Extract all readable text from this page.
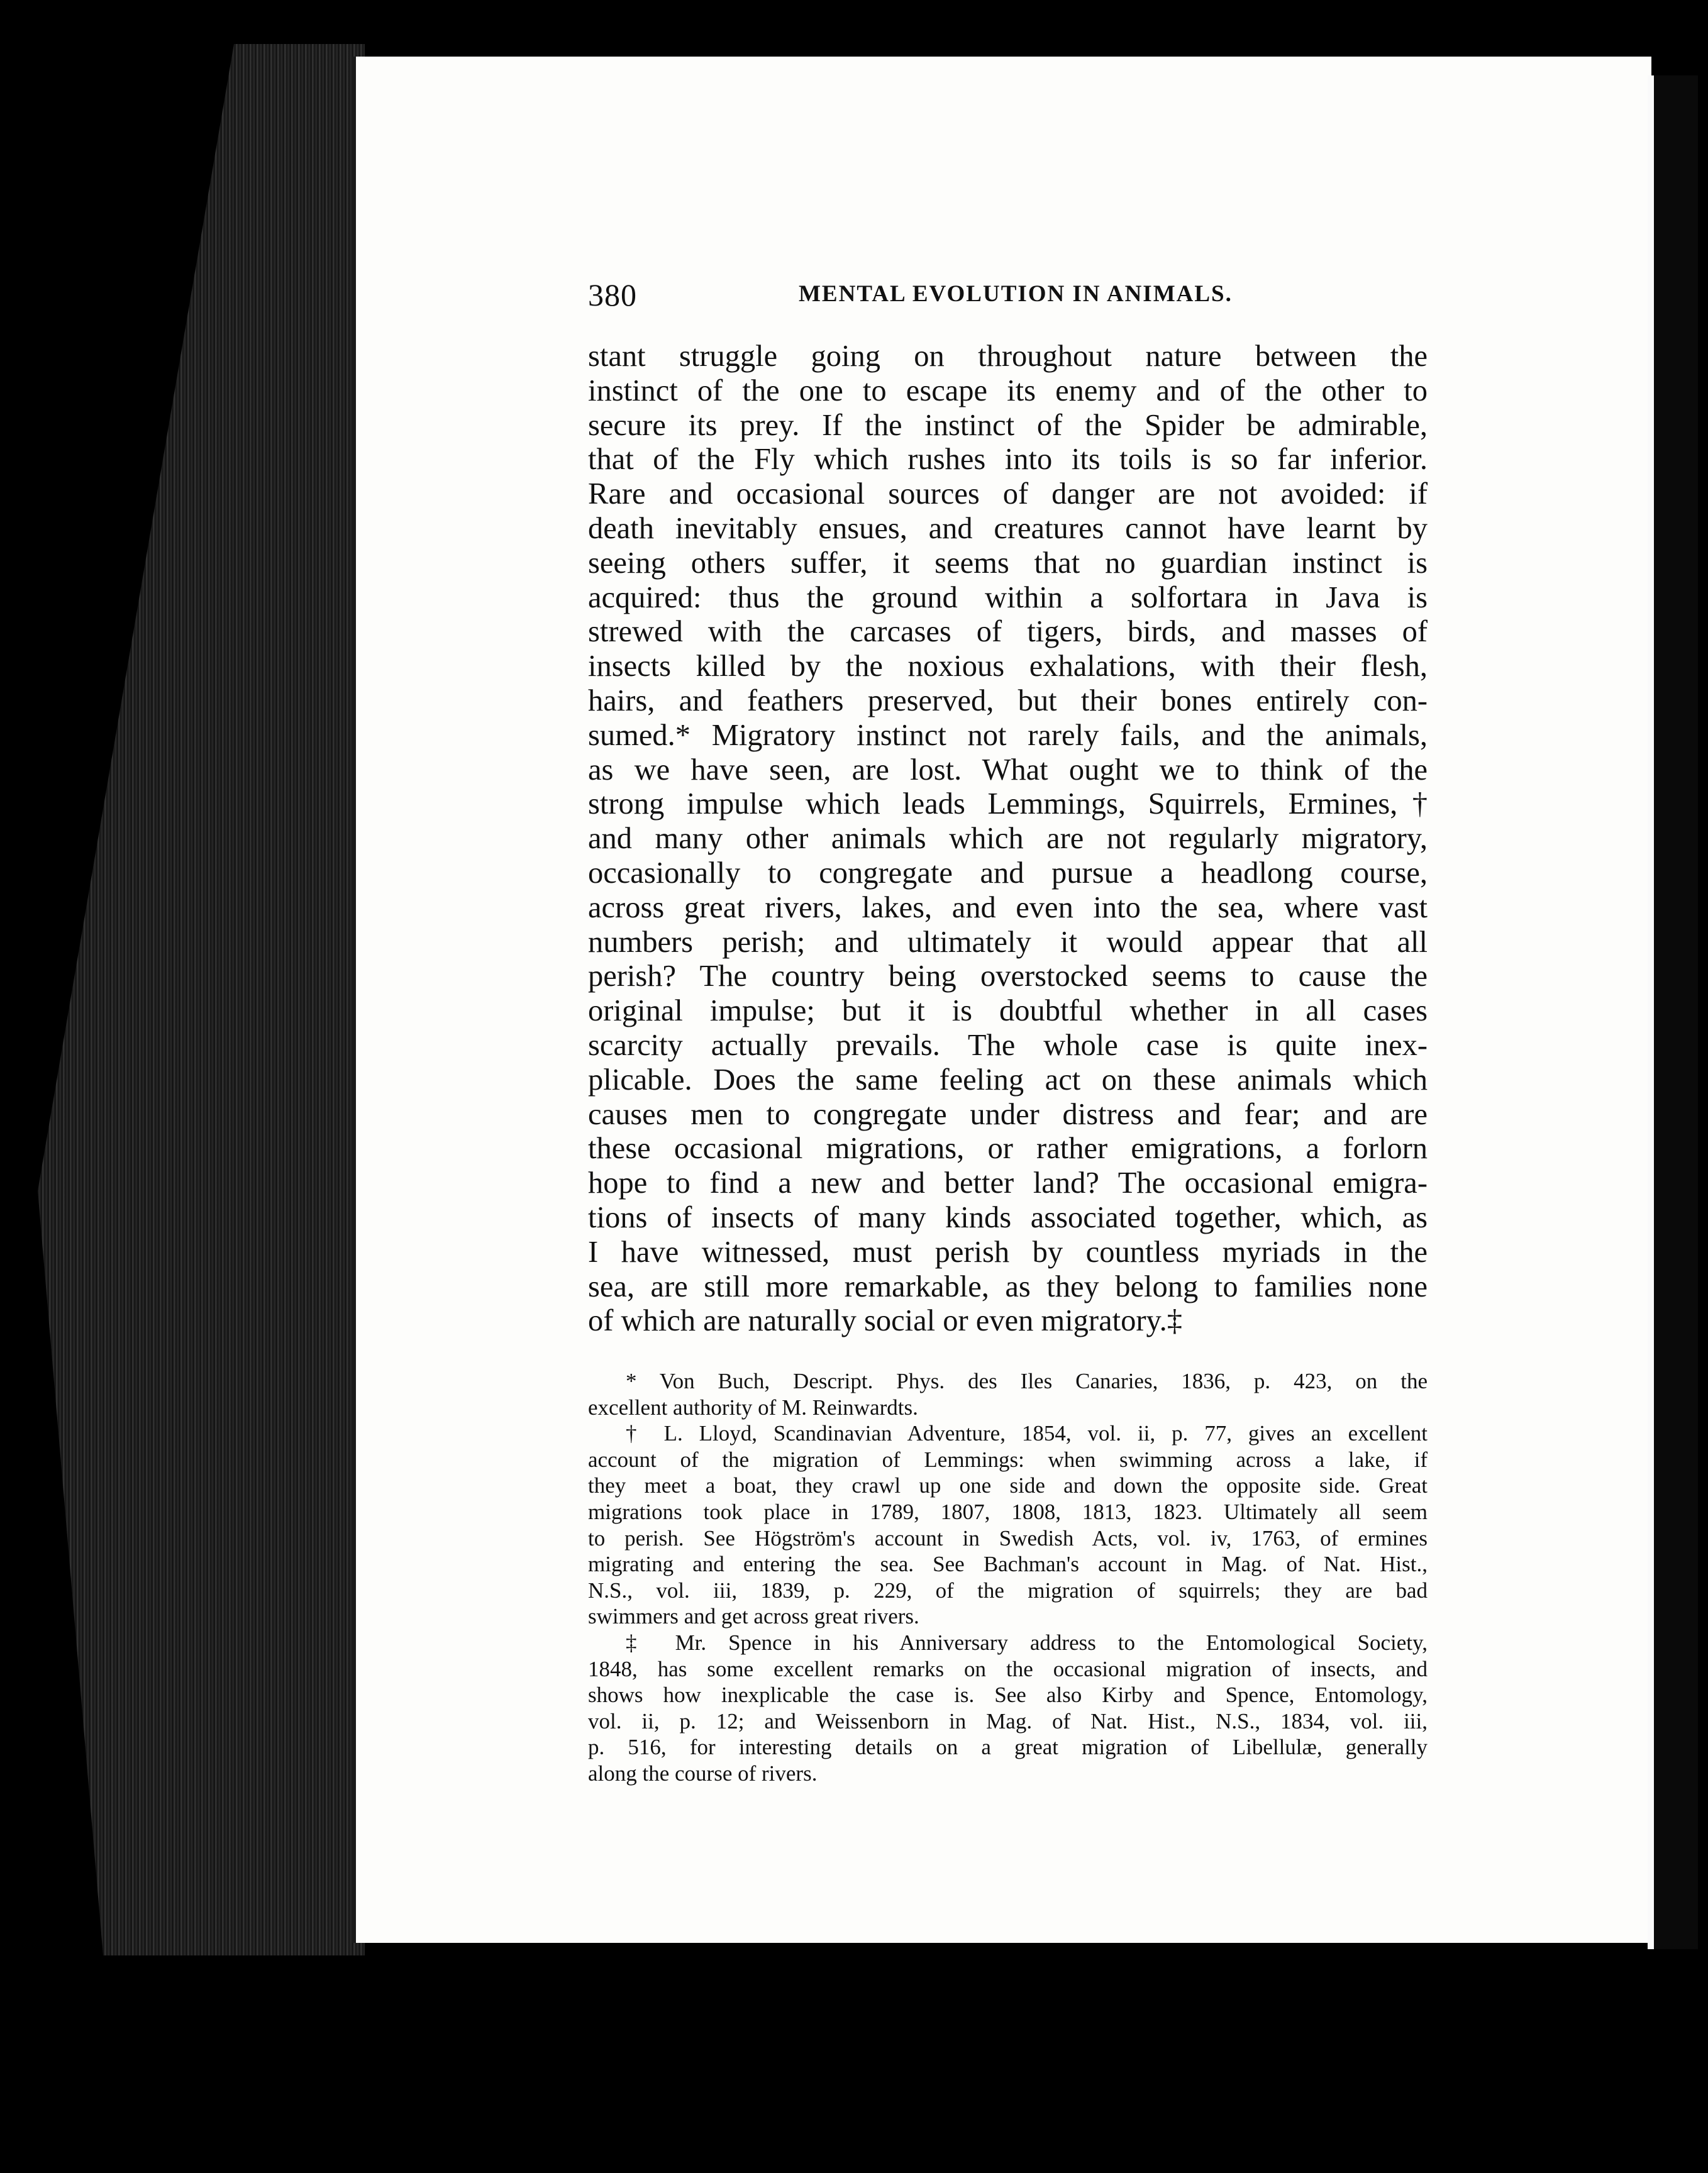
380	MENTAL EVOLUTION IN ANIMALS.
stant struggle going on throughout nature between the
instinct of the one to escape its enemy and of the other to
secure its prey. If the instinct of the Spider be admirable,
that of the Fly which rushes into its toils is so far inferior.
Rare and occasional sources of danger are not avoided: if
death inevitably ensues, and creatures cannot have learnt by
seeing others suffer, it seems that no guardian instinct is
acquired: thus the ground within a solfortara in Java is
strewed with the carcases of tigers, birds, and masses of
insects killed by the noxious exhalations, with their flesh,
hairs, and feathers preserved, but their bones entirely con-
sumed.* Migratory instinct not rarely fails, and the animals,
as we have seen, are lost. What ought we to think of the
strong impulse which leads Lemmings, Squirrels, Ermines,†
and many other animals which are not regularly migratory,
occasionally to congregate and pursue a headlong course,
across great rivers, lakes, and even into the sea, where vast
numbers perish; and ultimately it would appear that all
perish? The country being overstocked seems to cause the
original impulse; but it is doubtful whether in all cases
scarcity actually prevails. The whole case is quite inex-
plicable. Does the same feeling act on these animals which
causes men to congregate under distress and fear; and are
these occasional migrations, or rather emigrations, a forlorn
hope to find a new and better land? The occasional emigra-
tions of insects of many kinds associated together, which, as
I have witnessed, must perish by countless myriads in the
sea, are still more remarkable, as they belong to families none
of which are naturally social or even migratory.‡
* Von Buch, Descript. Phys. des Iles Canaries, 1836, p. 423, on the
excellent authority of M. Reinwardts.
† L. Lloyd, Scandinavian Adventure, 1854, vol. ii, p. 77, gives an excellent
account of the migration of Lemmings: when swimming across a lake, if
they meet a boat, they crawl up one side and down the opposite side. Great
migrations took place in 1789, 1807, 1808, 1813, 1823. Ultimately all seem
to perish. See Högström's account in Swedish Acts, vol. iv, 1763, of ermines
migrating and entering the sea. See Bachman's account in Mag. of Nat. Hist.,
N.S., vol. iii, 1839, p. 229, of the migration of squirrels; they are bad
swimmers and get across great rivers.
‡ Mr. Spence in his Anniversary address to the Entomological Society,
1848, has some excellent remarks on the occasional migration of insects, and
shows how inexplicable the case is. See also Kirby and Spence, Entomology,
vol. ii, p. 12; and Weissenborn in Mag. of Nat. Hist., N.S., 1834, vol. iii,
p. 516, for interesting details on a great migration of Libellulæ, generally
along the course of rivers.
